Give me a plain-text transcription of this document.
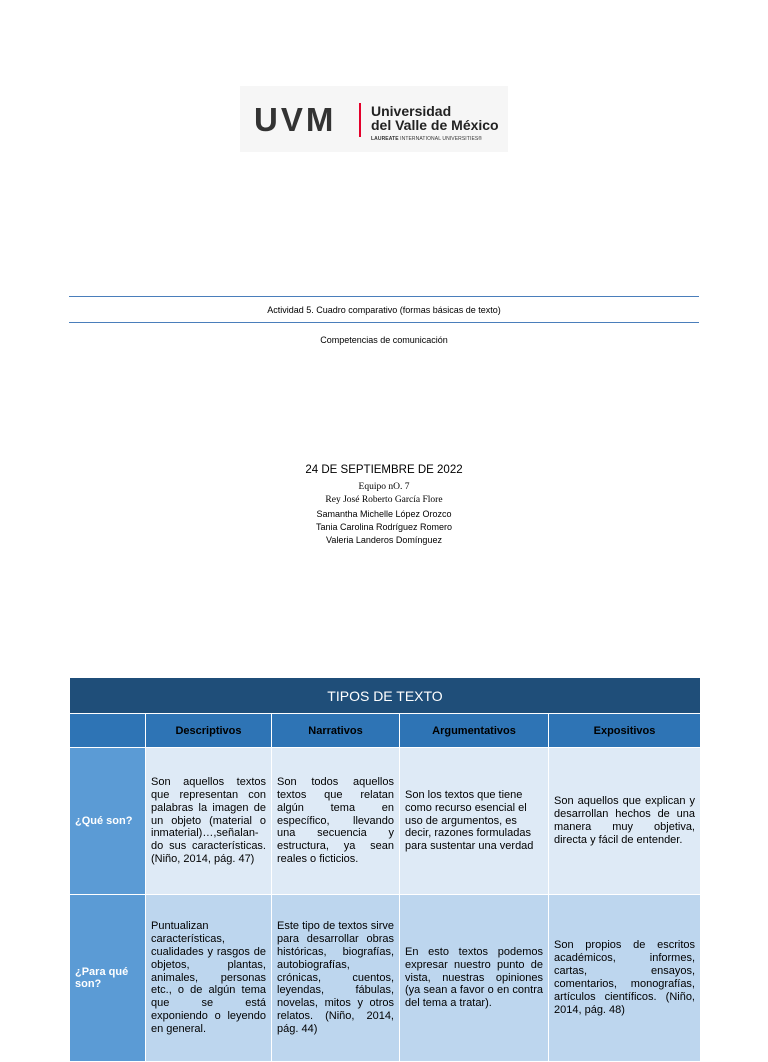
UVM Universidad
del Valle de México
LAUREATE INTERNATIONAL UNIVERSITIES®
Actividad 5. Cuadro comparativo (formas básicas de texto)
Competencias de comunicación
24 DE SEPTIEMBRE DE 2022
Equipo nO. 7
Rey José Roberto García Flore
Samantha Michelle López Orozco
Tania Carolina Rodríguez Romero
Valeria Landeros Domínguez
TIPOS DE TEXTO				
	Descriptivos	Narrativos	Argumentativos	Expositivos
¿Qué son?	Son aquellos textos que representan con palabras la imagen de un objeto (material o inmaterial)…,señalan-do sus características. (Niño, 2014, pág. 47)	Son todos aquellos textos que relatan algún tema en específico, llevando una secuencia y estructura, ya sean reales o ficticios.	Son los textos que tiene como recurso esencial el uso de argumentos, es decir, razones formuladas para sustentar una verdad	Son aquellos que explican y desarrollan hechos de una manera muy objetiva, directa y fácil de entender.
¿Para qué son?	Puntualizan características, cualidades y rasgos de objetos, plantas, animales, personas etc., o de algún tema que se está exponiendo o leyendo en general.	Este tipo de textos sirve para desarrollar obras históricas, biografías, autobiografías, crónicas, cuentos, leyendas, fábulas, novelas, mitos y otros relatos. (Niño, 2014, pág. 44)	En esto textos podemos expresar nuestro punto de vista, nuestras opiniones (ya sean a favor o en contra del tema a tratar).	Son propios de escritos académicos, informes, cartas, ensayos, comentarios, monografías, artículos científicos. (Niño, 2014, pág. 48)
